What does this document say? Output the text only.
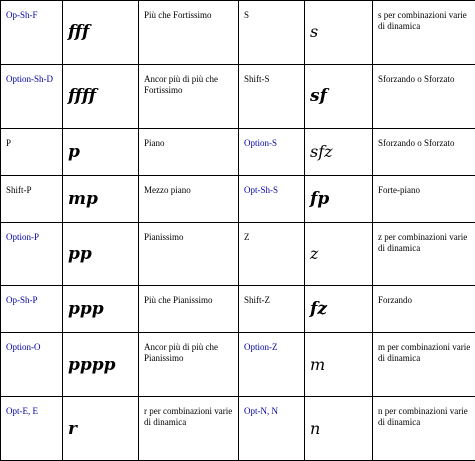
Op-Sh-F	fff	Più che Fortissimo	S	s	s per combinazioni varie di dinamica
Option-Sh-D	ffff	Ancor più di più che Fortissimo	Shift-S	sf	Sforzando o Sforzato
P	p	Piano	Option-S	sfz	Sforzando o Sforzato
Shift-P	mp	Mezzo piano	Opt-Sh-S	fp	Forte-piano
Option-P	pp	Pianissimo	Z	z	z per combinazioni varie di dinamica
Op-Sh-P	ppp	Più che Pianissimo	Shift-Z	fz	Forzando
Option-O	pppp	Ancor più di più che Pianissimo	Option-Z	m	m per combinazioni varie di dinamica
Opt-E, E	r	r per combinazioni varie di dinamica	Opt-N, N	n	n per combinazioni varie di dinamica
